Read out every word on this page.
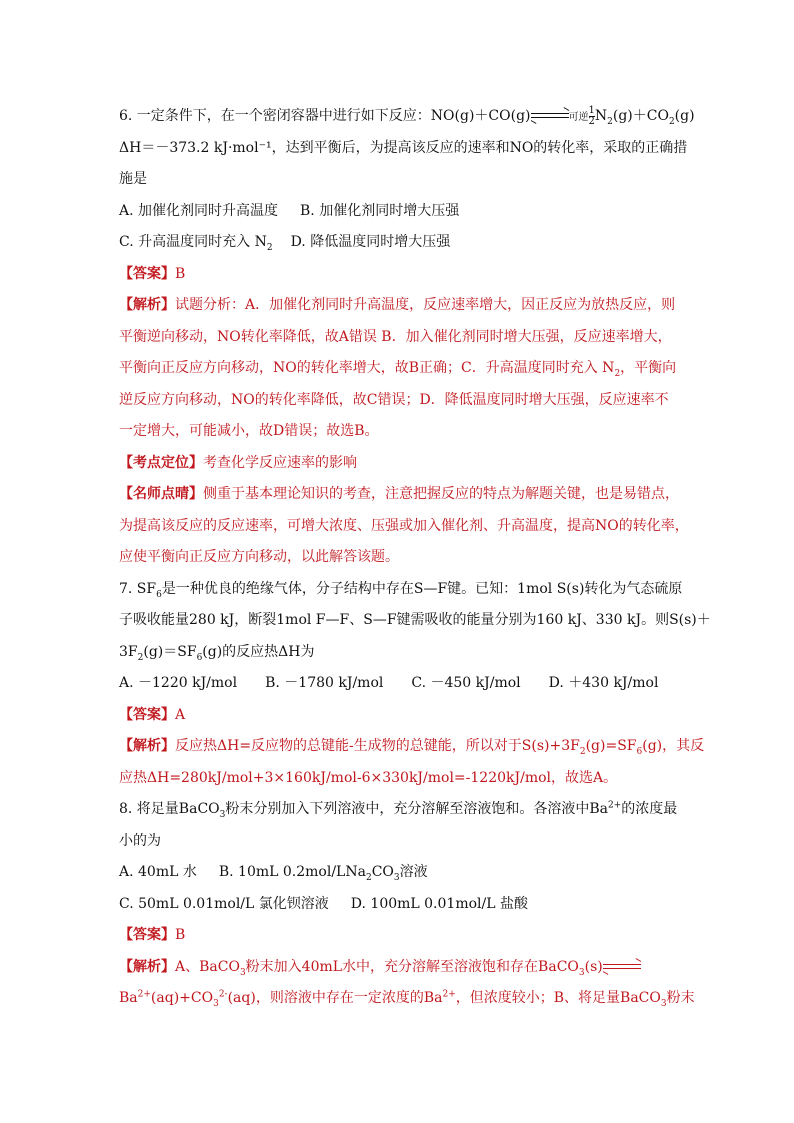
6. 一定条件下，在一个密闭容器中进行如下反应：NO(g)＋CO(g)	可逆 $\frac{1}{2} N_2(g)+CO_2(g)$
ΔH＝－373.2 kJ·mol⁻¹，达到平衡后，为提高该反应的速率和NO的转化率，采取的正确措
施是
A. 加催化剂同时升高温度 B. 加催化剂同时增大压强
C. 升高温度同时充入 $N_2$ D. 降低温度同时增大压强
【答案】B
【解析】试题分析：A．加催化剂同时升高温度，反应速率增大，因正反应为放热反应，则
平衡逆向移动，NO转化率降低，故A错误 B．加入催化剂同时增大压强，反应速率增大，
平衡向正反应方向移动，NO的转化率增大，故B正确；C．升高温度同时充入 $N_2$，平衡向
逆反应方向移动，NO的转化率降低，故C错误；D．降低温度同时增大压强，反应速率不
一定增大，可能减小，故D错误；故选B。
【考点定位】考查化学反应速率的影响
【名师点晴】侧重于基本理论知识的考查，注意把握反应的特点为解题关键，也是易错点，
为提高该反应的反应速率，可增大浓度、压强或加入催化剂、升高温度，提高NO的转化率，
应使平衡向正反应方向移动，以此解答该题。
7. $SF_6$是一种优良的绝缘气体，分子结构中存在S—F键。已知：1mol S(s)转化为气态硫原
子吸收能量280 kJ，断裂1mol F—F、S—F键需吸收的能量分别为160 kJ、330 kJ。则S(s)＋
$3F_2(g)=SF_6(g)$的反应热ΔH为
A. －1220 kJ/mol B. －1780 kJ/mol C. －450 kJ/mol D. ＋430 kJ/mol
【答案】A
【解析】反应热ΔH=反应物的总键能-生成物的总键能，所以对于$S(s)+3F_2(g)=SF_6(g)$，其反
应热ΔH=280kJ/mol+3×160kJ/mol-6×330kJ/mol=-1220kJ/mol，故选A。
8. 将足量BaCO$_3$粉末分别加入下列溶液中，充分溶解至溶液饱和。各溶液中$Ba^{2+}$的浓度最
小的为
A. 40mL 水 B. 10mL $0.2mol/LNa_2CO_3$溶液
C. 50mL 0.01mol/L 氯化钡溶液 D. 100mL 0.01mol/L 盐酸
【答案】B
【解析】A、BaCO$_3$粉末加入40mL水中，充分溶解至溶液饱和存在BaCO$_3$(s)
$Ba^{2+}(aq)+CO_3^{2-}(aq)$，则溶液中存在一定浓度的$Ba^{2+}$，但浓度较小；B、将足量BaCO$_3$粉末
